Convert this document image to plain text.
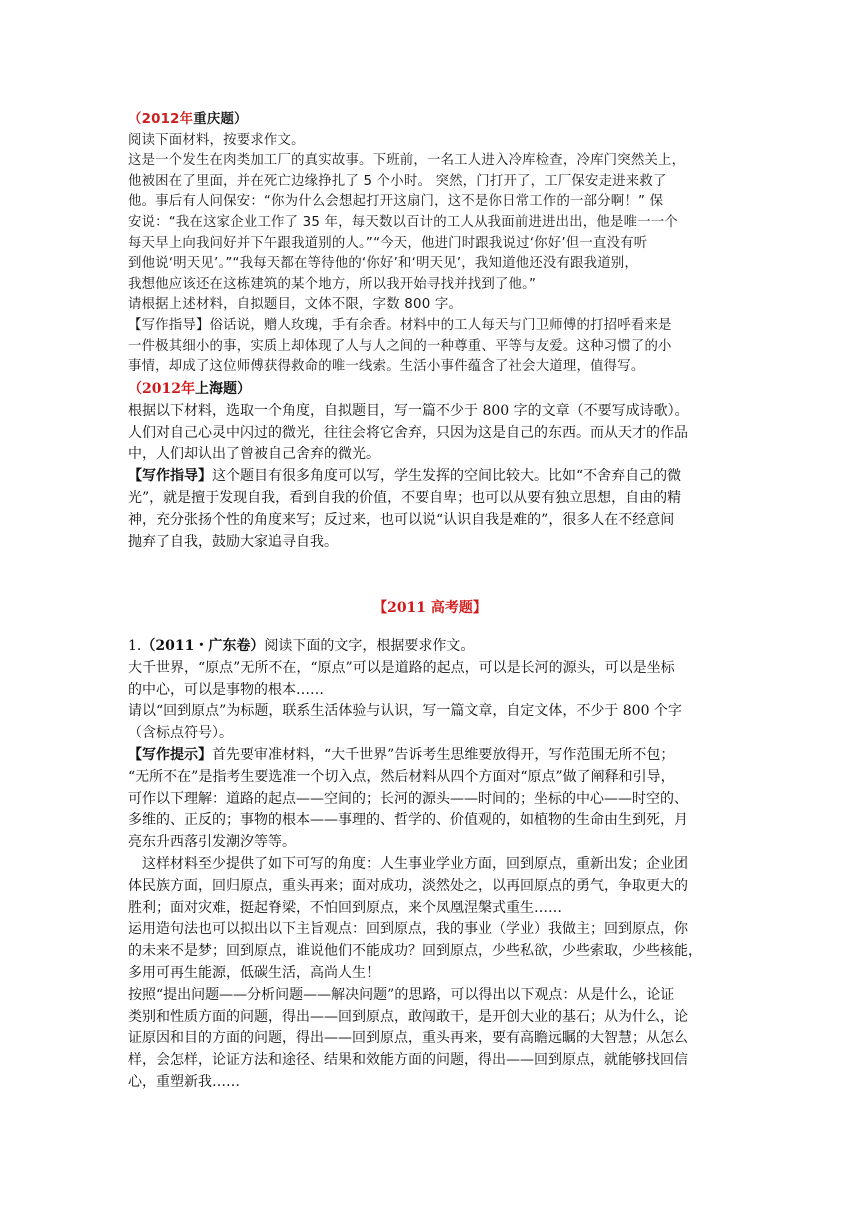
（2012年重庆题）

阅读下面材料，按要求作文。

这是一个发生在肉类加工厂的真实故事。下班前，一名工人进入冷库检查，冷库门突然关上，

他被困在了里面，并在死亡边缘挣扎了 5 个小时。 突然，门打开了，工厂保安走进来救了

他。事后有人问保安：“你为什么会想起打开这扇门，这不是你日常工作的一部分啊！” 保

安说：“我在这家企业工作了 35 年，每天数以百计的工人从我面前进进出出，他是唯一一个

每天早上向我问好并下午跟我道别的人。”“今天，他进门时跟我说过‘你好’但一直没有听

到他说‘明天见’。”“我每天都在等待他的‘你好’和‘明天见’，我知道他还没有跟我道别，

我想他应该还在这栋建筑的某个地方，所以我开始寻找并找到了他。”

请根据上述材料，自拟题目，文体不限，字数 800 字。

【写作指导】俗话说，赠人玫瑰，手有余香。材料中的工人每天与门卫师傅的打招呼看来是

一件极其细小的事，实质上却体现了人与人之间的一种尊重、平等与友爱。这种习惯了的小

事情，却成了这位师傅获得救命的唯一线索。生活小事件蕴含了社会大道理，值得写。

（2012年上海题）

根据以下材料，选取一个角度，自拟题目，写一篇不少于 800 字的文章（不要写成诗歌）。

人们对自己心灵中闪过的微光，往往会将它舍弃，只因为这是自己的东西。而从天才的作品

中，人们却认出了曾被自己舍弃的微光。

【写作指导】这个题目有很多角度可以写，学生发挥的空间比较大。比如“不舍弃自己的微

光”，就是擅于发现自我，看到自我的价值，不要自卑；也可以从要有独立思想，自由的精

神，充分张扬个性的角度来写；反过来，也可以说“认识自我是难的”，很多人在不经意间

抛弃了自我，鼓励大家追寻自我。

【2011 高考题】

1.（2011・广东卷）阅读下面的文字，根据要求作文。

大千世界，“原点”无所不在，“原点”可以是道路的起点，可以是长河的源头，可以是坐标

的中心，可以是事物的根本……

请以“回到原点”为标题，联系生活体验与认识，写一篇文章，自定文体，不少于 800 个字

（含标点符号）。

【写作提示】首先要审准材料，“大千世界”告诉考生思维要放得开，写作范围无所不包；

“无所不在”是指考生要选准一个切入点，然后材料从四个方面对“原点”做了阐释和引导，

可作以下理解：道路的起点——空间的；长河的源头——时间的；坐标的中心——时空的、

多维的、正反的；事物的根本——事理的、哲学的、价值观的，如植物的生命由生到死，月

亮东升西落引发潮汐等等。

这样材料至少提供了如下可写的角度：人生事业学业方面，回到原点，重新出发；企业团

体民族方面，回归原点，重头再来；面对成功，淡然处之，以再回原点的勇气，争取更大的

胜利；面对灾难，挺起脊梁，不怕回到原点，来个凤凰涅槃式重生……

运用造句法也可以拟出以下主旨观点：回到原点，我的事业（学业）我做主；回到原点，你

的未来不是梦；回到原点，谁说他们不能成功？回到原点，少些私欲，少些索取，少些核能，

多用可再生能源，低碳生活，高尚人生！

按照“提出问题——分析问题——解决问题”的思路，可以得出以下观点：从是什么，论证

类别和性质方面的问题，得出——回到原点，敢闯敢干，是开创大业的基石；从为什么，论

证原因和目的方面的问题，得出——回到原点，重头再来，要有高瞻远瞩的大智慧；从怎么

样，会怎样，论证方法和途径、结果和效能方面的问题，得出——回到原点，就能够找回信

心，重塑新我……
